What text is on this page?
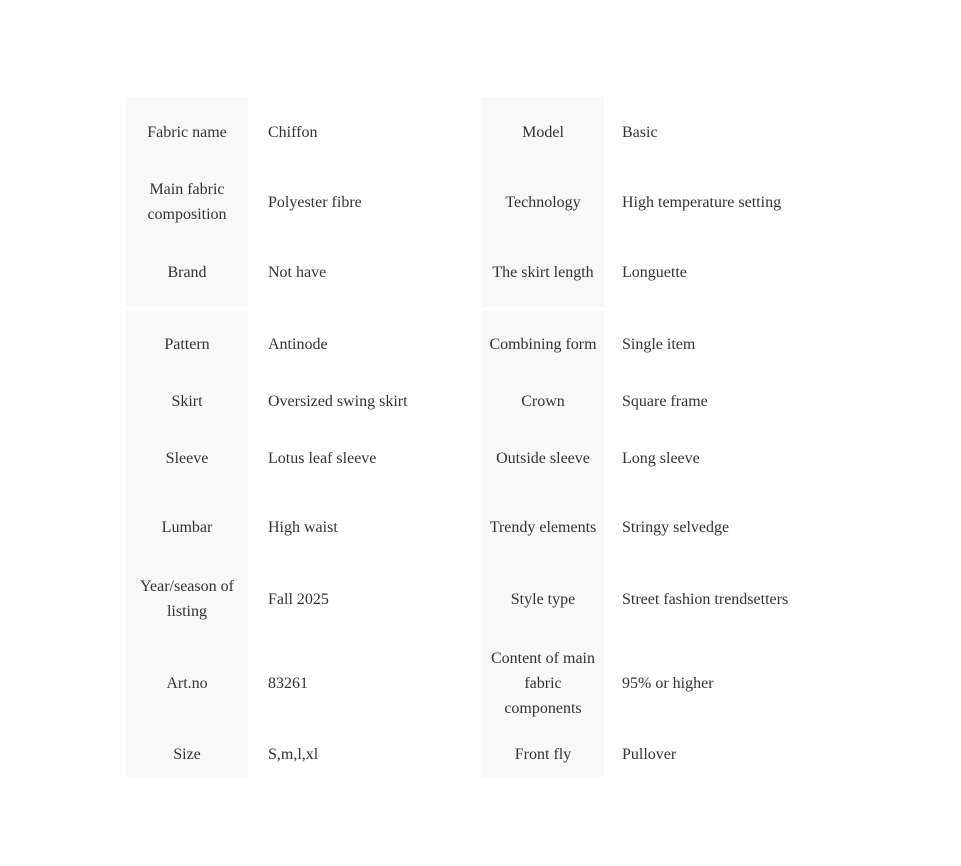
Fabric name	Chiffon	Model	Basic
Main fabric composition	Polyester fibre	Technology	High temperature setting
Brand	Not have	The skirt length	Longuette

Pattern	Antinode	Combining form	Single item
Skirt	Oversized swing skirt	Crown	Square frame
Sleeve	Lotus leaf sleeve	Outside sleeve	Long sleeve
Lumbar	High waist	Trendy elements	Stringy selvedge
Year/season of listing	Fall 2025	Style type	Street fashion trendsetters
Art.no	83261	Content of main fabric components	95% or higher
Size	S,m,l,xl	Front fly	Pullover
